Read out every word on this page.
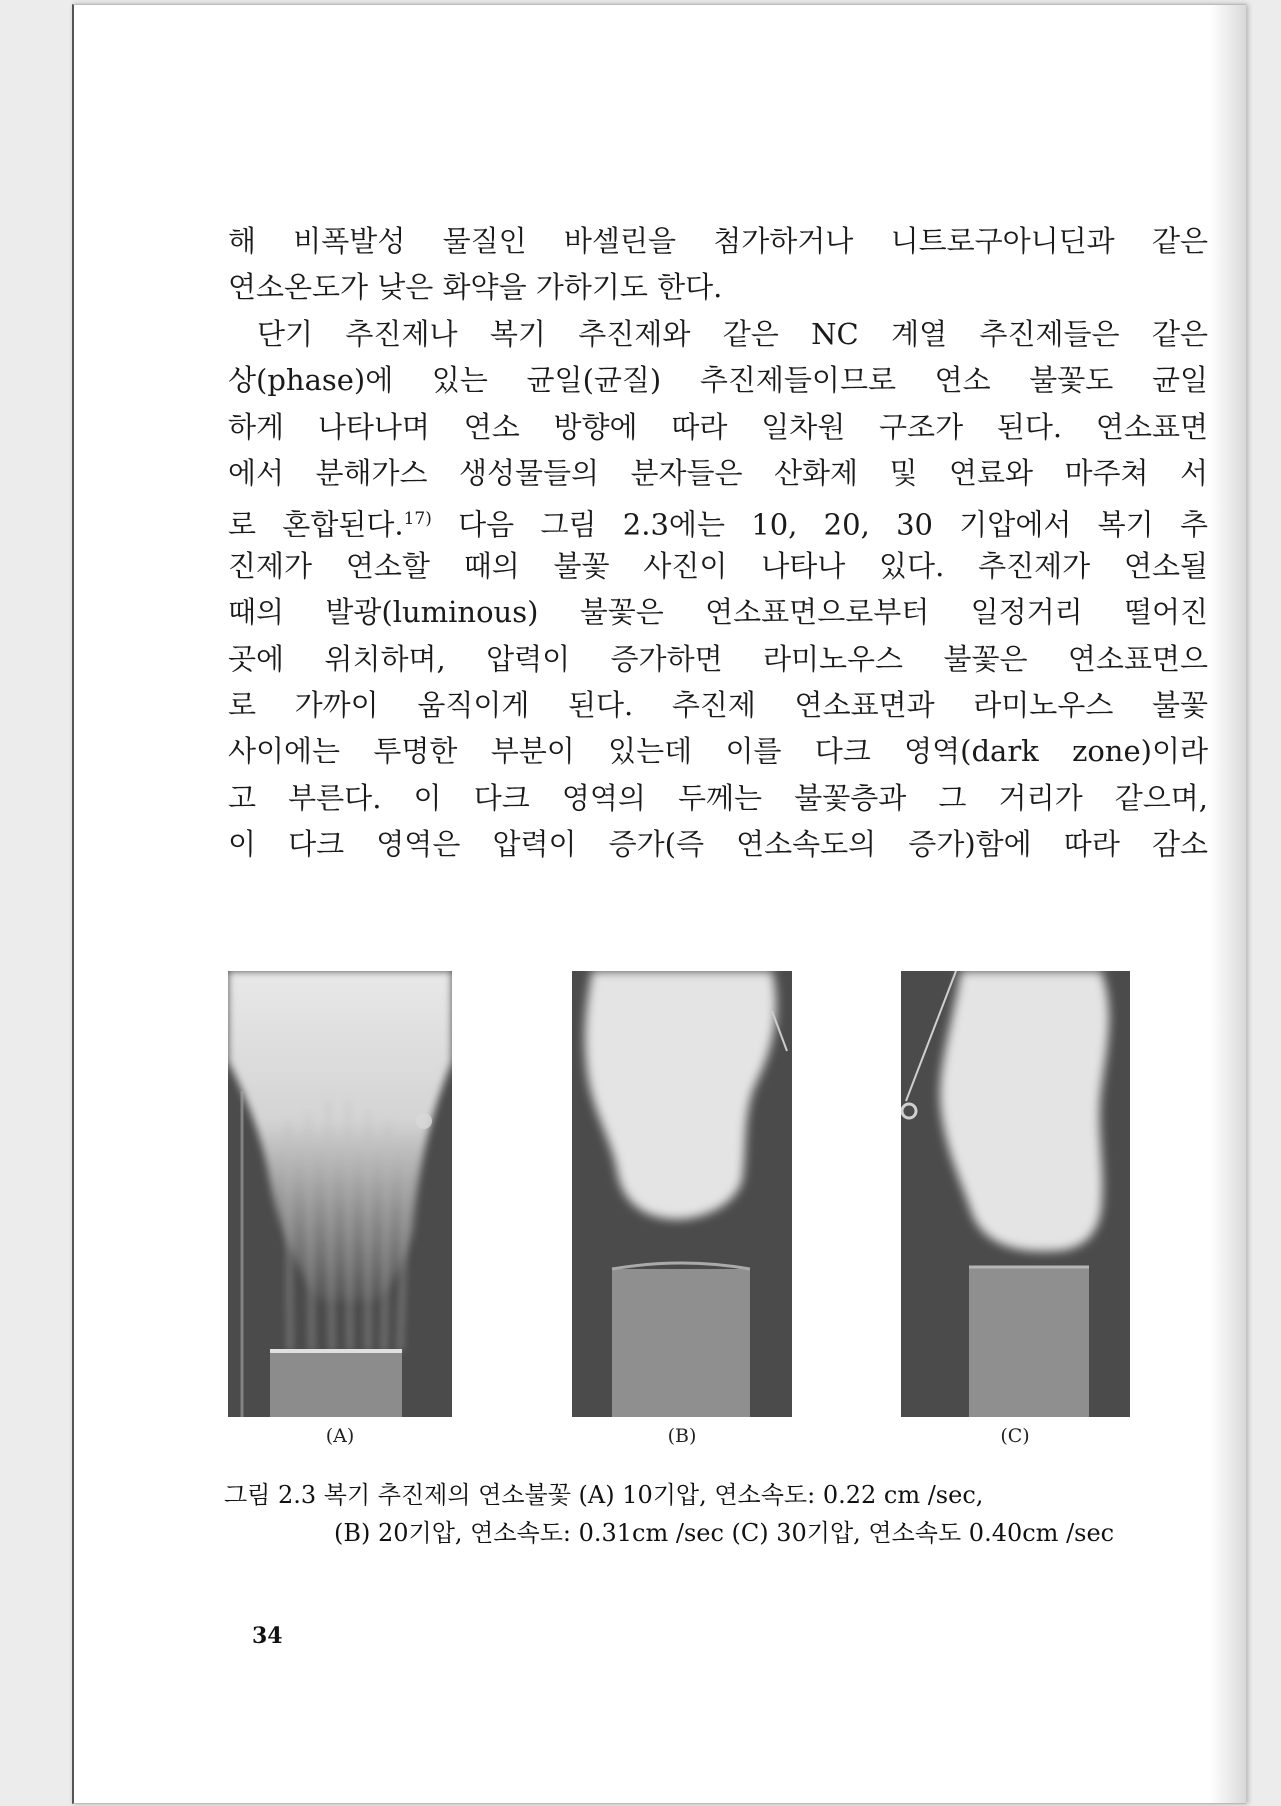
해 비폭발성 물질인 바셀린을 첨가하거나 니트로구아니딘과 같은
연소온도가 낮은 화약을 가하기도 한다.
단기 추진제나 복기 추진제와 같은 NC 계열 추진제들은 같은
상(phase)에 있는 균일(균질) 추진제들이므로 연소 불꽃도 균일
하게 나타나며 연소 방향에 따라 일차원 구조가 된다. 연소표면
에서 분해가스 생성물들의 분자들은 산화제 및 연료와 마주쳐 서
로 혼합된다.$^{17)}$ 다음 그림 2.3에는 10, 20, 30 기압에서 복기 추
진제가 연소할 때의 불꽃 사진이 나타나 있다. 추진제가 연소될
때의 발광(luminous) 불꽃은 연소표면으로부터 일정거리 떨어진
곳에 위치하며, 압력이 증가하면 라미노우스 불꽃은 연소표면으
로 가까이 움직이게 된다. 추진제 연소표면과 라미노우스 불꽃
사이에는 투명한 부분이 있는데 이를 다크 영역(dark zone)이라
고 부른다. 이 다크 영역의 두께는 불꽃층과 그 거리가 같으며,
이 다크 영역은 압력이 증가(즉 연소속도의 증가)함에 따라 감소
(A)	(B)	(C)
그림 2.3 복기 추진제의 연소불꽃 (A) 10기압, 연소속도: 0.22 cm /sec,
(B) 20기압, 연소속도: 0.31cm /sec (C) 30기압, 연소속도 0.40cm /sec
34
